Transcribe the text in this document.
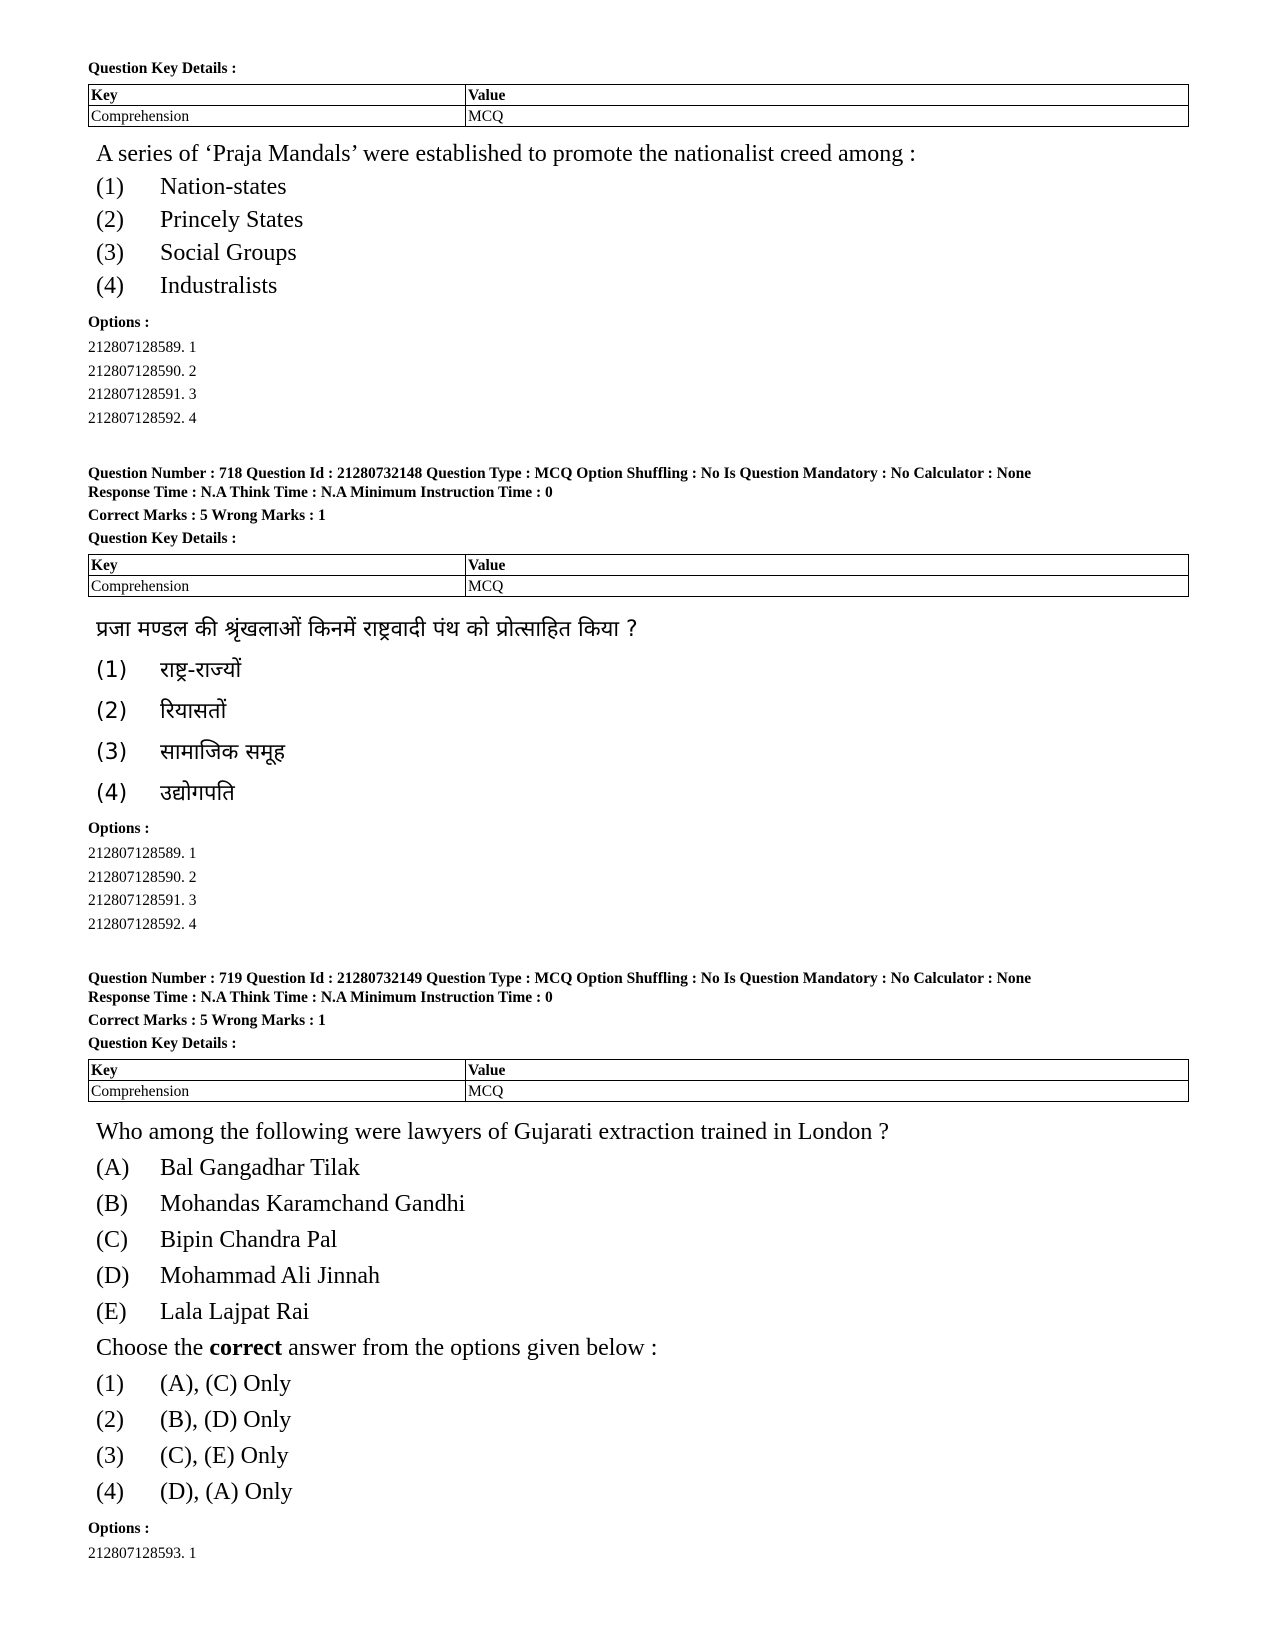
Question Key Details :
Key	Value
Comprehension	MCQ
A series of ‘Praja Mandals’ were established to promote the nationalist creed among :
(1)	Nation-states
(2)	Princely States
(3)	Social Groups
(4)	Industralists
Options :
212807128589. 1
212807128590. 2
212807128591. 3
212807128592. 4
Question Number : 718 Question Id : 21280732148 Question Type : MCQ Option Shuffling : No Is Question Mandatory : No Calculator : None
Response Time : N.A Think Time : N.A Minimum Instruction Time : 0
Correct Marks : 5 Wrong Marks : 1
Question Key Details :
Key	Value
Comprehension	MCQ
प्रजा मण्डल की श्रृंखलाओं किनमें राष्ट्रवादी पंथ को प्रोत्साहित किया ?
(1)	राष्ट्र-राज्यों
(2)	रियासतों
(3)	सामाजिक समूह
(4)	उद्योगपति
Options :
212807128589. 1
212807128590. 2
212807128591. 3
212807128592. 4
Question Number : 719 Question Id : 21280732149 Question Type : MCQ Option Shuffling : No Is Question Mandatory : No Calculator : None
Response Time : N.A Think Time : N.A Minimum Instruction Time : 0
Correct Marks : 5 Wrong Marks : 1
Question Key Details :
Key	Value
Comprehension	MCQ
Who among the following were lawyers of Gujarati extraction trained in London ?
(A)	Bal Gangadhar Tilak
(B)	Mohandas Karamchand Gandhi
(C)	Bipin Chandra Pal
(D)	Mohammad Ali Jinnah
(E)	Lala Lajpat Rai
Choose the correct answer from the options given below :
(1)	(A), (C) Only
(2)	(B), (D) Only
(3)	(C), (E) Only
(4)	(D), (A) Only
Options :
212807128593. 1
